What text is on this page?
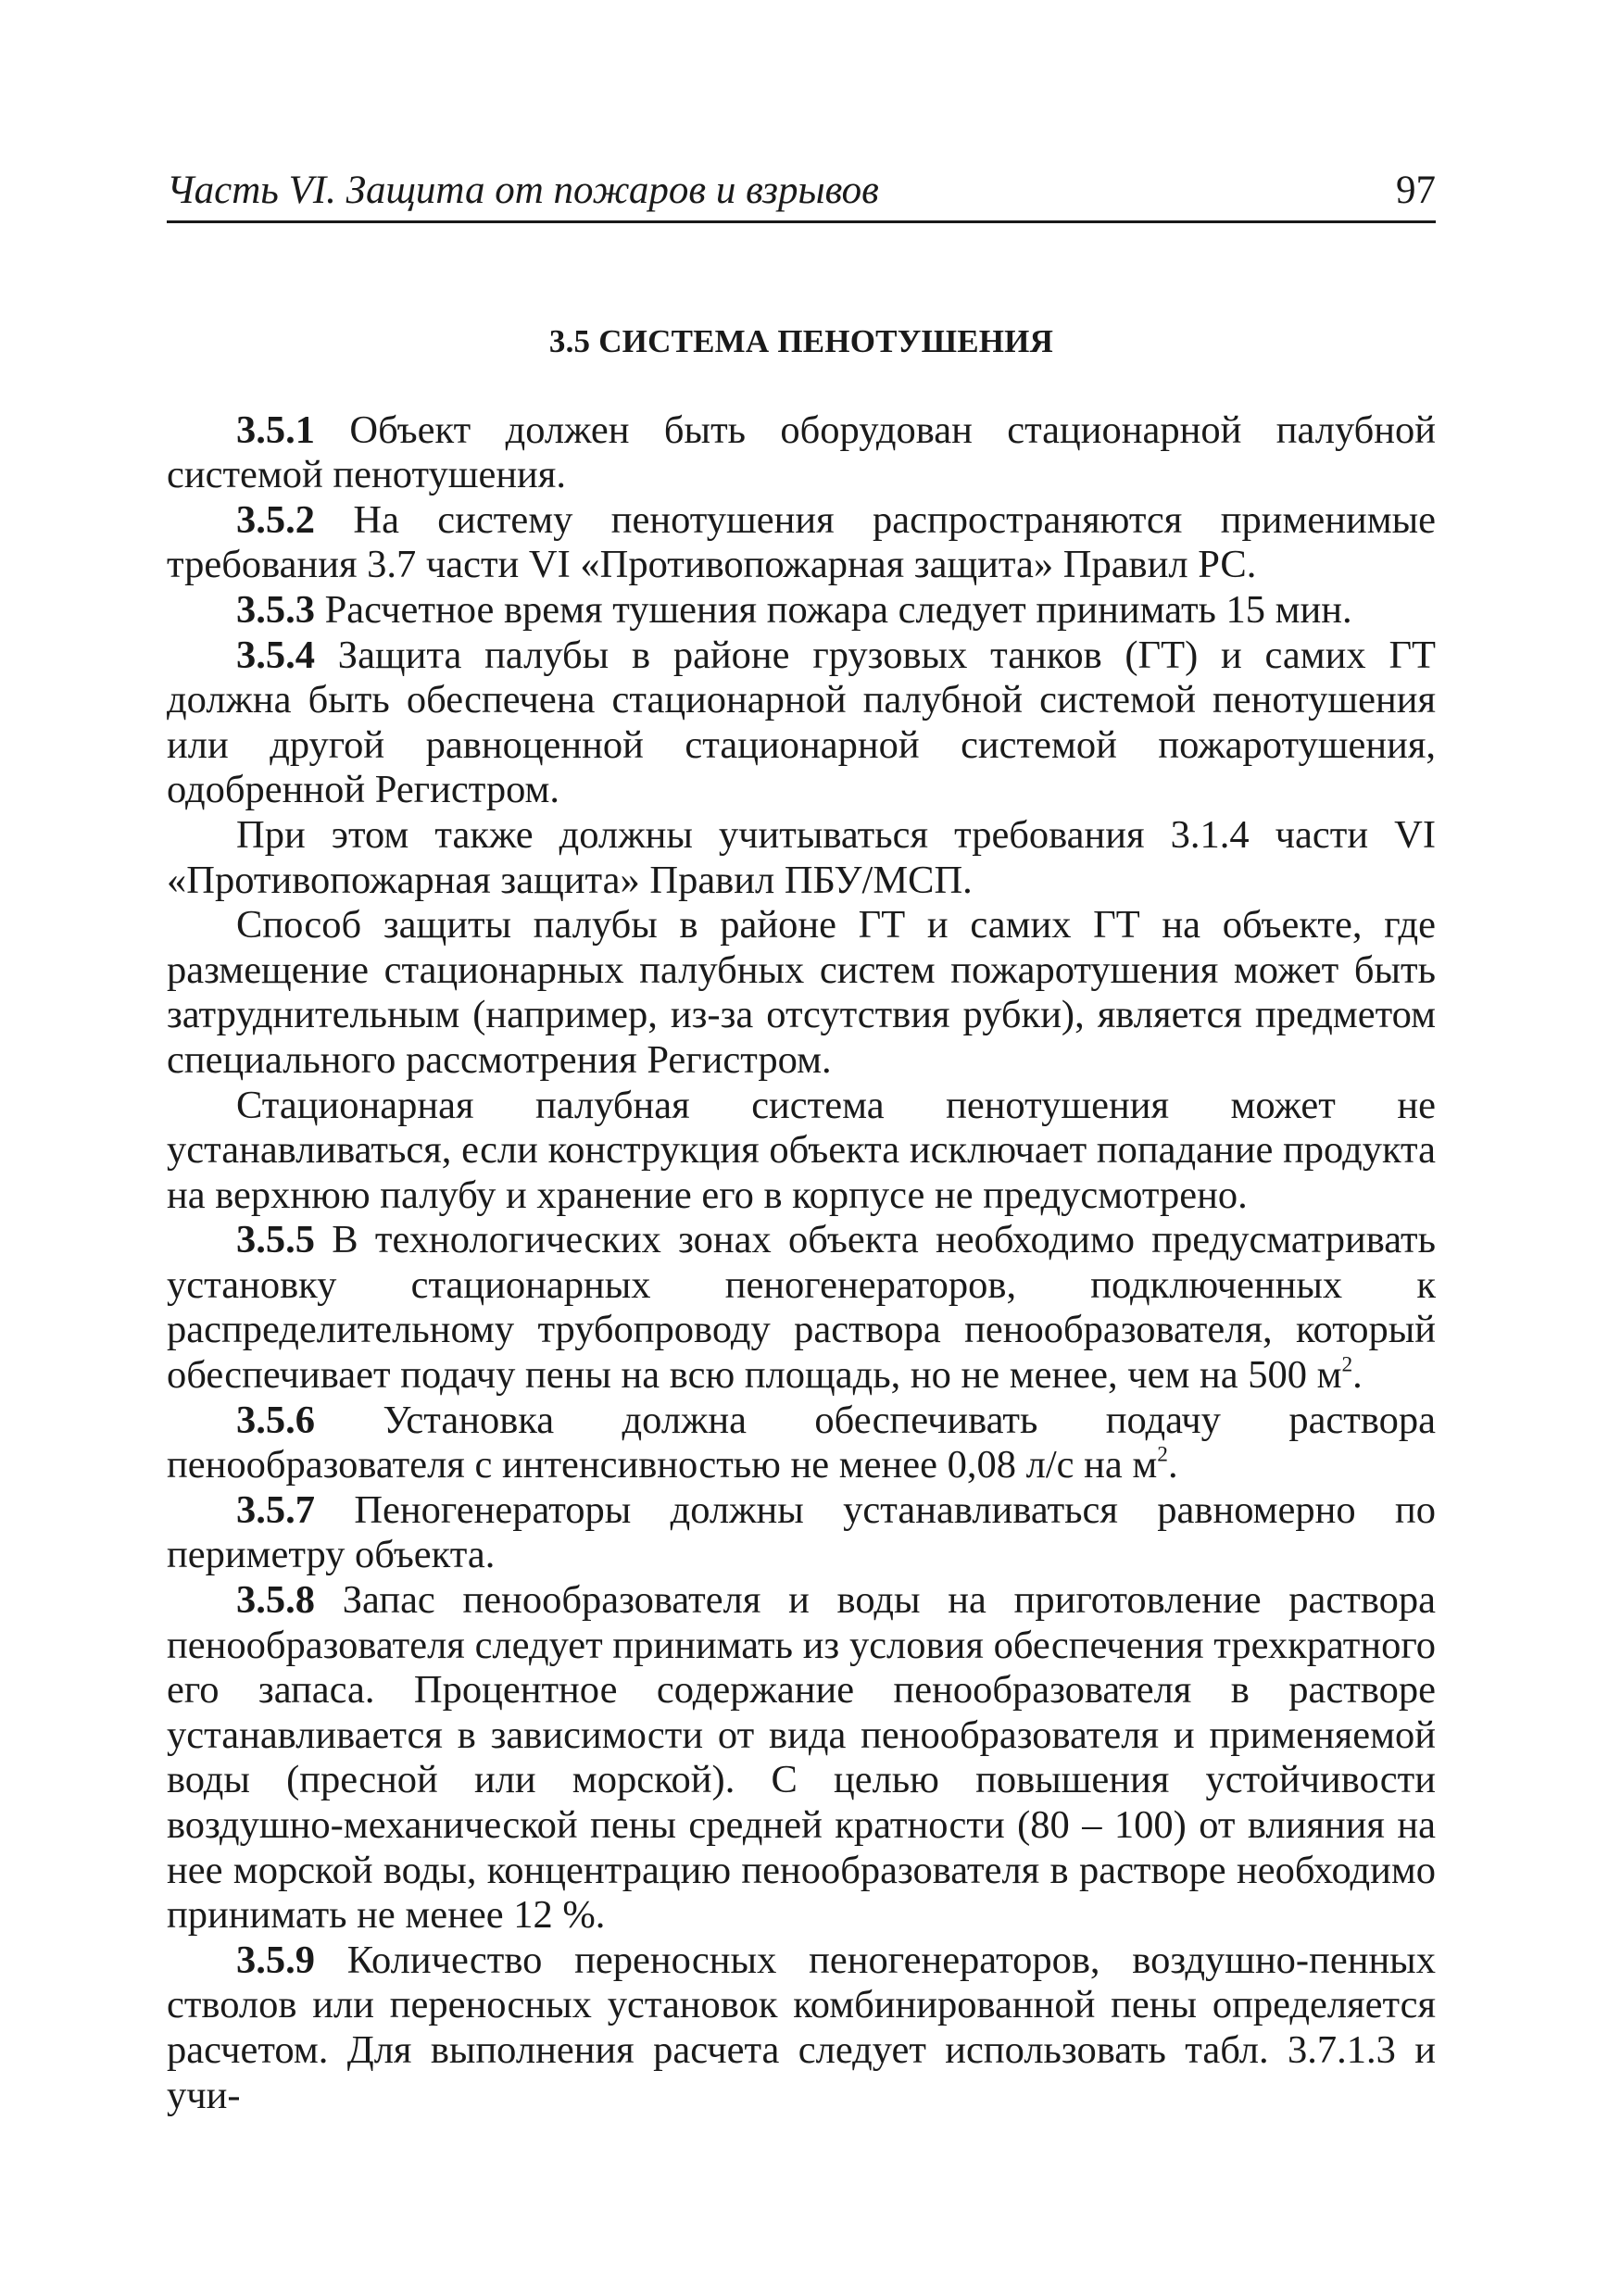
Часть VI. Защита от пожаров и взрывов	97
3.5 СИСТЕМА ПЕНОТУШЕНИЯ

3.5.1 Объект должен быть оборудован стационарной палубной системой пенотушения.

3.5.2 На систему пенотушения распространяются применимые требования 3.7 части VI «Противопожарная защита» Правил РС.

3.5.3 Расчетное время тушения пожара следует принимать 15 мин.

3.5.4 Защита палубы в районе грузовых танков (ГТ) и самих ГТ должна быть обеспечена стационарной палубной системой пенотушения или другой равноценной стационарной системой пожаротушения, одобренной Регистром.

При этом также должны учитываться требования 3.1.4 части VI «Противопожарная защита» Правил ПБУ/МСП.

Способ защиты палубы в районе ГТ и самих ГТ на объекте, где размещение стационарных палубных систем пожаротушения может быть затруднительным (например, из-за отсутствия рубки), является предметом специального рассмотрения Регистром.

Стационарная палубная система пенотушения может не устанавливаться, если конструкция объекта исключает попадание продукта на верхнюю палубу и хранение его в корпусе не предусмотрено.

3.5.5 В технологических зонах объекта необходимо предусматривать установку стационарных пеногенераторов, подключенных к распределительному трубопроводу раствора пенообразователя, который обеспечивает подачу пены на всю площадь, но не менее, чем на 500 $м^2$.

3.5.6 Установка должна обеспечивать подачу раствора пенообразователя с интенсивностью не менее 0,08 л/с на $м^2$.

3.5.7 Пеногенераторы должны устанавливаться равномерно по периметру объекта.

3.5.8 Запас пенообразователя и воды на приготовление раствора пенообразователя следует принимать из условия обеспечения трехкратного его запаса. Процентное содержание пенообразователя в растворе устанавливается в зависимости от вида пенообразователя и применяемой воды (пресной или морской). С целью повышения устойчивости воздушно-механической пены средней кратности (80 – 100) от влияния на нее морской воды, концентрацию пенообразователя в растворе необходимо принимать не менее 12 %.

3.5.9 Количество переносных пеногенераторов, воздушно-пенных стволов или переносных установок комбинированной пены определяется расчетом. Для выполнения расчета следует использовать табл. 3.7.1.3 и учи-
